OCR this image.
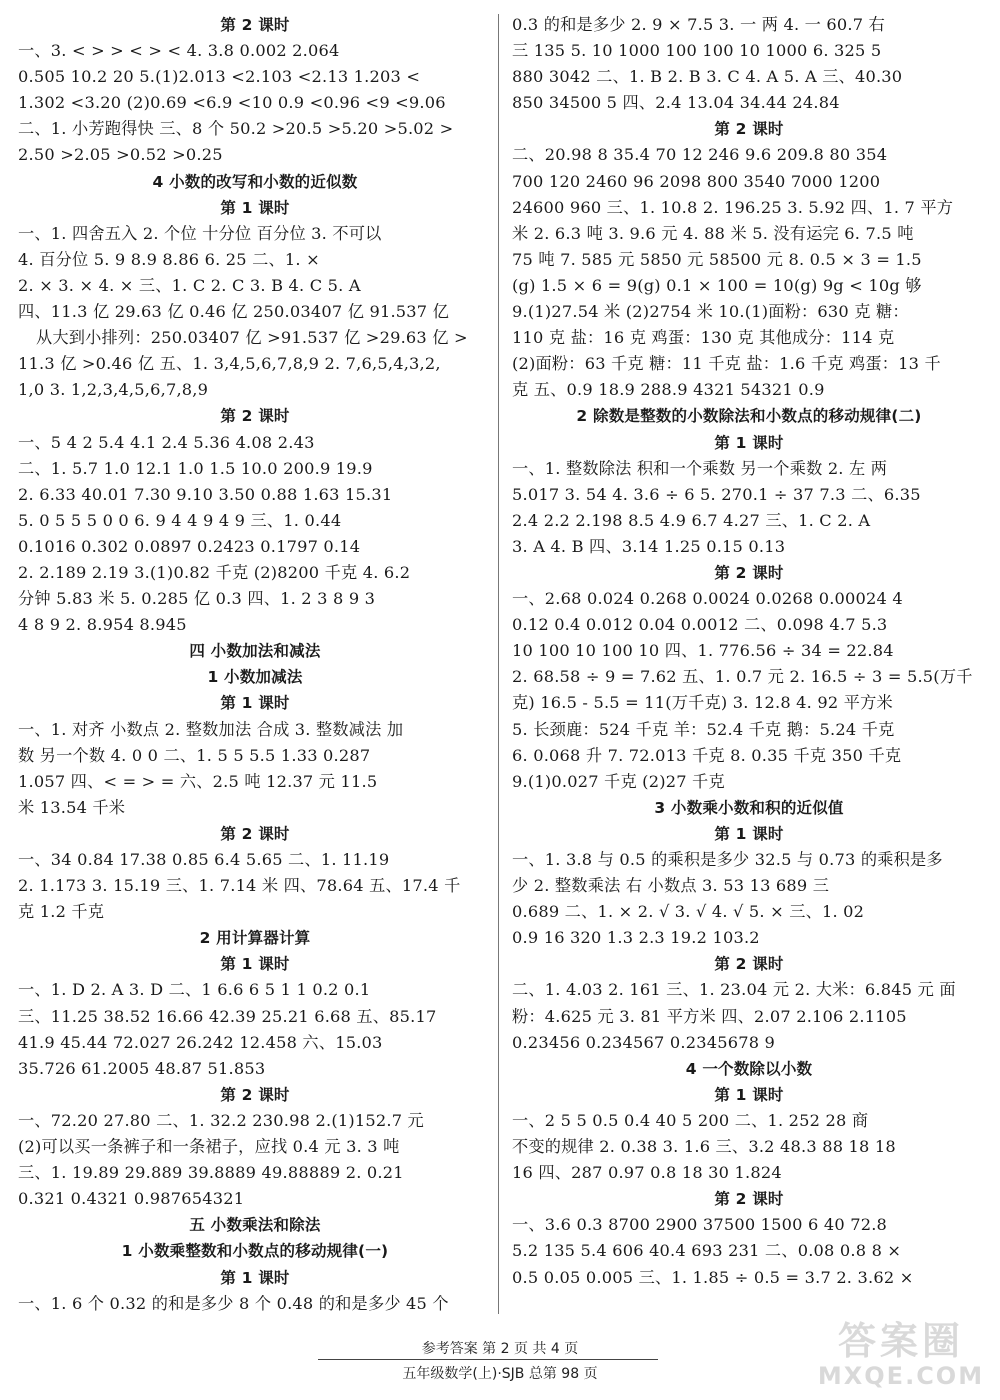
第 2 课时
一、3. < > > < > < 4. 3.8 0.002 2.064
0.505 10.2 20 5.(1)2.013 <2.103 <2.13 1.203 <
1.302 <3.20 (2)0.69 <6.9 <10 0.9 <0.96 <9 <9.06
二、1. 小芳跑得快 三、8 个 50.2 >20.5 >5.20 >5.02 >
2.50 >2.05 >0.52 >0.25
4 小数的改写和小数的近似数
第 1 课时
一、1. 四舍五入 2. 个位 十分位 百分位 3. 不可以
4. 百分位 5. 9 8.9 8.86 6. 25 二、1. ×
2. × 3. × 4. × 三、1. C 2. C 3. B 4. C 5. A
四、11.3 亿 29.63 亿 0.46 亿 250.03407 亿 91.537 亿
从大到小排列：250.03407 亿 >91.537 亿 >29.63 亿 >
11.3 亿 >0.46 亿 五、1. 3,4,5,6,7,8,9 2. 7,6,5,4,3,2,
1,0 3. 1,2,3,4,5,6,7,8,9
第 2 课时
一、5 4 2 5.4 4.1 2.4 5.36 4.08 2.43
二、1. 5.7 1.0 12.1 1.0 1.5 10.0 200.9 19.9
2. 6.33 40.01 7.30 9.10 3.50 0.88 1.63 15.31
5. 0 5 5 5 0 0 6. 9 4 4 9 4 9 三、1. 0.44
0.1016 0.302 0.0897 0.2423 0.1797 0.14
2. 2.189 2.19 3.(1)0.82 千克 (2)8200 千克 4. 6.2
分钟 5.83 米 5. 0.285 亿 0.3 四、1. 2 3 8 9 3
4 8 9 2. 8.954 8.945
四 小数加法和减法
1 小数加减法
第 1 课时
一、1. 对齐 小数点 2. 整数加法 合成 3. 整数减法 加
数 另一个数 4. 0 0 二、1. 5 5 5.5 1.33 0.287
1.057 四、< = > = 六、2.5 吨 12.37 元 11.5
米 13.54 千米
第 2 课时
一、34 0.84 17.38 0.85 6.4 5.65 二、1. 11.19
2. 1.173 3. 15.19 三、1. 7.14 米 四、78.64 五、17.4 千
克 1.2 千克
2 用计算器计算
第 1 课时
一、1. D 2. A 3. D 二、1 6.6 6 5 1 1 0.2 0.1
三、11.25 38.52 16.66 42.39 25.21 6.68 五、85.17
41.9 45.44 72.027 26.242 12.458 六、15.03
35.726 61.2005 48.87 51.853
第 2 课时
一、72.20 27.80 二、1. 32.2 230.98 2.(1)152.7 元
(2)可以买一条裤子和一条裙子，应找 0.4 元 3. 3 吨
三、1. 19.89 29.889 39.8889 49.88889 2. 0.21
0.321 0.4321 0.987654321
五 小数乘法和除法
1 小数乘整数和小数点的移动规律(一)
第 1 课时
一、1. 6 个 0.32 的和是多少 8 个 0.48 的和是多少 45 个
0.3 的和是多少 2. 9 × 7.5 3. 一 两 4. 一 60.7 右
三 135 5. 10 1000 100 100 10 1000 6. 325 5
880 3042 二、1. B 2. B 3. C 4. A 5. A 三、40.30
850 34500 5 四、2.4 13.04 34.44 24.84
第 2 课时
二、20.98 8 35.4 70 12 246 9.6 209.8 80 354
700 120 2460 96 2098 800 3540 7000 1200
24600 960 三、1. 10.8 2. 196.25 3. 5.92 四、1. 7 平方
米 2. 6.3 吨 3. 9.6 元 4. 88 米 5. 没有运完 6. 7.5 吨
75 吨 7. 585 元 5850 元 58500 元 8. 0.5 × 3 = 1.5
(g) 1.5 × 6 = 9(g) 0.1 × 100 = 10(g) 9g < 10g 够
9.(1)27.54 米 (2)2754 米 10.(1)面粉：630 克 糖：
110 克 盐：16 克 鸡蛋：130 克 其他成分：114 克
(2)面粉：63 千克 糖：11 千克 盐：1.6 千克 鸡蛋：13 千
克 五、0.9 18.9 288.9 4321 54321 0.9
2 除数是整数的小数除法和小数点的移动规律(二)
第 1 课时
一、1. 整数除法 积和一个乘数 另一个乘数 2. 左 两
5.017 3. 54 4. 3.6 ÷ 6 5. 270.1 ÷ 37 7.3 二、6.35
2.4 2.2 2.198 8.5 4.9 6.7 4.27 三、1. C 2. A
3. A 4. B 四、3.14 1.25 0.15 0.13
第 2 课时
一、2.68 0.024 0.268 0.0024 0.0268 0.00024 4
0.12 0.4 0.012 0.04 0.0012 二、0.098 4.7 5.3
10 100 10 100 10 四、1. 776.56 ÷ 34 = 22.84
2. 68.58 ÷ 9 = 7.62 五、1. 0.7 元 2. 16.5 ÷ 3 = 5.5(万千
克) 16.5 - 5.5 = 11(万千克) 3. 12.8 4. 92 平方米
5. 长颈鹿：524 千克 羊：52.4 千克 鹅：5.24 千克
6. 0.068 升 7. 72.013 千克 8. 0.35 千克 350 千克
9.(1)0.027 千克 (2)27 千克
3 小数乘小数和积的近似值
第 1 课时
一、1. 3.8 与 0.5 的乘积是多少 32.5 与 0.73 的乘积是多
少 2. 整数乘法 右 小数点 3. 53 13 689 三
0.689 二、1. × 2. √ 3. √ 4. √ 5. × 三、1. 02
0.9 16 320 1.3 2.3 19.2 103.2
第 2 课时
二、1. 4.03 2. 161 三、1. 23.04 元 2. 大米：6.845 元 面
粉：4.625 元 3. 81 平方米 四、2.07 2.106 2.1105
0.23456 0.234567 0.2345678 9
4 一个数除以小数
第 1 课时
一、2 5 5 0.5 0.4 40 5 200 二、1. 252 28 商
不变的规律 2. 0.38 3. 1.6 三、3.2 48.3 88 18 18
16 四、287 0.97 0.8 18 30 1.824
第 2 课时
一、3.6 0.3 8700 2900 37500 1500 6 40 72.8
5.2 135 5.4 606 40.4 693 231 二、0.08 0.8 8 ×
0.5 0.05 0.005 三、1. 1.85 ÷ 0.5 = 3.7 2. 3.62 ×
参考答案 第 2 页 共 4 页
五年级数学(上)·SJB 总第 98 页
答案圈
MXQE.COM
